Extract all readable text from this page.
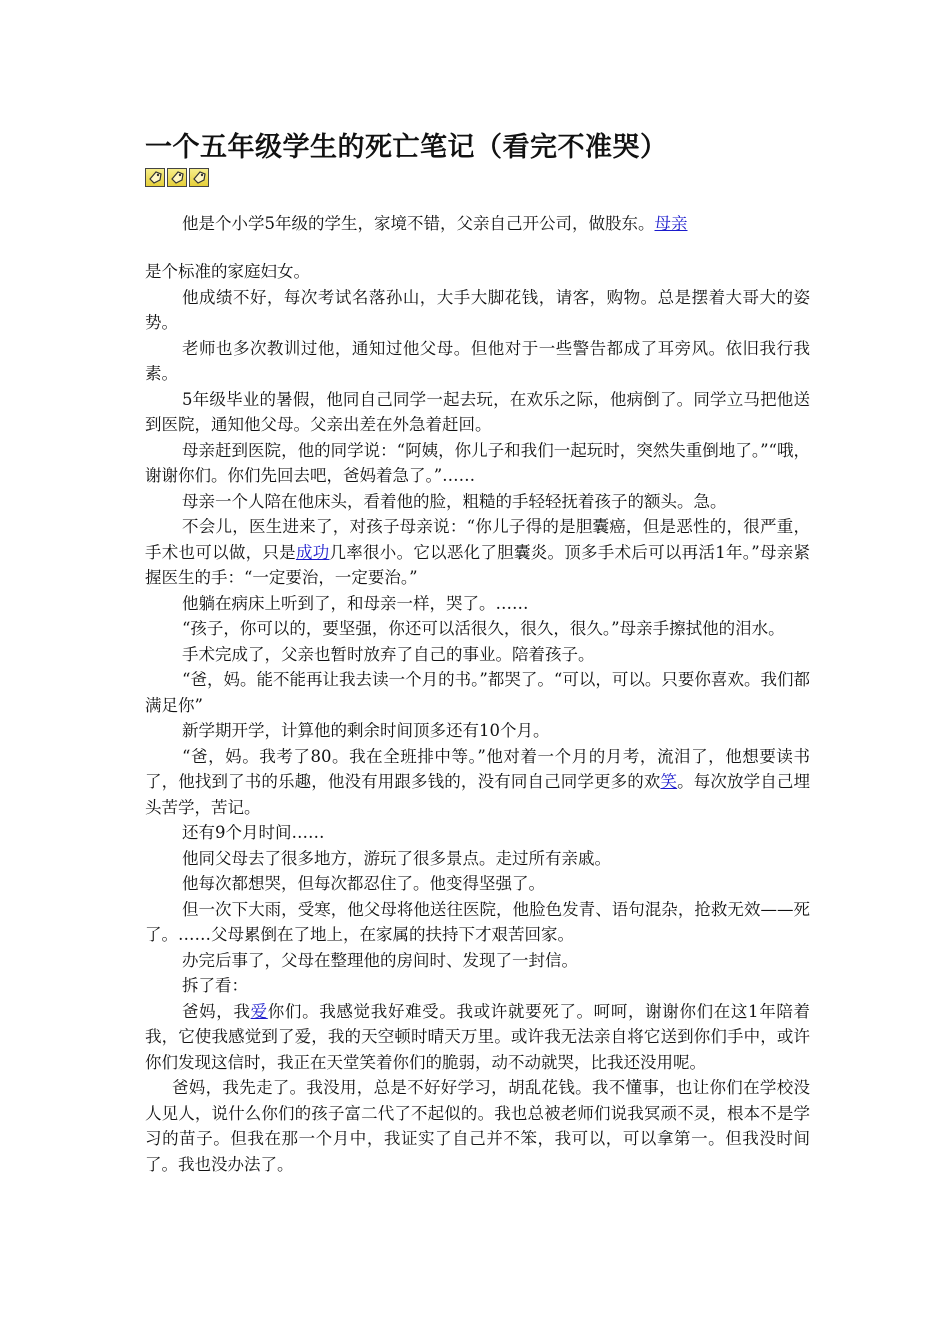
一个五年级学生的死亡笔记（看完不准哭）
他是个小学5年级的学生，家境不错，父亲自己开公司，做股东。母亲

是个标准的家庭妇女。

他成绩不好，每次考试名落孙山，大手大脚花钱，请客，购物。总是摆着大哥大的姿势。

老师也多次教训过他，通知过他父母。但他对于一些警告都成了耳旁风。依旧我行我素。

5年级毕业的暑假，他同自己同学一起去玩，在欢乐之际，他病倒了。同学立马把他送到医院，通知他父母。父亲出差在外急着赶回。

母亲赶到医院，他的同学说：“阿姨，你儿子和我们一起玩时，突然失重倒地了。”“哦，谢谢你们。你们先回去吧，爸妈着急了。”……

母亲一个人陪在他床头，看着他的脸，粗糙的手轻轻抚着孩子的额头。急。

不会儿，医生进来了，对孩子母亲说：“你儿子得的是胆囊癌，但是恶性的，很严重，手术也可以做，只是成功几率很小。它以恶化了胆囊炎。顶多手术后可以再活1年。”母亲紧握医生的手：“一定要治，一定要治。”

他躺在病床上听到了，和母亲一样，哭了。……

“孩子，你可以的，要坚强，你还可以活很久，很久，很久。”母亲手擦拭他的泪水。

手术完成了，父亲也暂时放弃了自己的事业。陪着孩子。

“爸，妈。能不能再让我去读一个月的书。”都哭了。“可以，可以。只要你喜欢。我们都满足你”

新学期开学，计算他的剩余时间顶多还有10个月。

“爸，妈。我考了80。我在全班排中等。”他对着一个月的月考，流泪了，他想要读书了，他找到了书的乐趣，他没有用跟多钱的，没有同自己同学更多的欢笑。每次放学自己埋头苦学，苦记。

还有9个月时间……

他同父母去了很多地方，游玩了很多景点。走过所有亲戚。

他每次都想哭，但每次都忍住了。他变得坚强了。

但一次下大雨，受寒，他父母将他送往医院，他脸色发青、语句混杂，抢救无效——死了。……父母累倒在了地上，在家属的扶持下才艰苦回家。

办完后事了，父母在整理他的房间时、发现了一封信。

拆了看：

爸妈，我爱你们。我感觉我好难受。我或许就要死了。呵呵，谢谢你们在这1年陪着我，它使我感觉到了爱，我的天空顿时晴天万里。或许我无法亲自将它送到你们手中，或许你们发现这信时，我正在天堂笑着你们的脆弱，动不动就哭，比我还没用呢。

爸妈，我先走了。我没用，总是不好好学习，胡乱花钱。我不懂事，也让你们在学校没人见人，说什么你们的孩子富二代了不起似的。我也总被老师们说我冥顽不灵，根本不是学习的苗子。但我在那一个月中，我证实了自己并不笨，我可以，可以拿第一。但我没时间了。我也没办法了。
